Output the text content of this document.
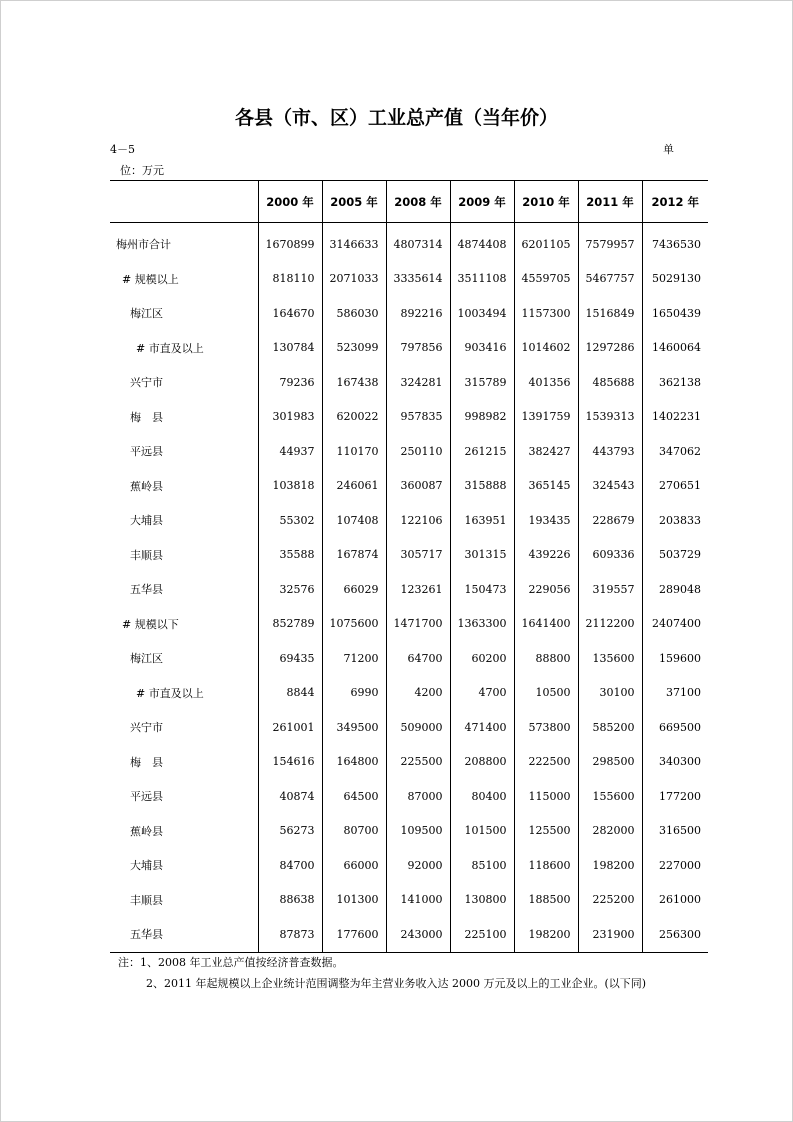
各县（市、区）工业总产值（当年价）
4－5	单
位：万元
	2000 年	2005 年	2008 年	2009 年	2010 年	2011 年	2012 年
梅州市合计	1670899	3146633	4807314	4874408	6201105	7579957	7436530
# 规模以上	818110	2071033	3335614	3511108	4559705	5467757	5029130
梅江区	164670	586030	892216	1003494	1157300	1516849	1650439
# 市直及以上	130784	523099	797856	903416	1014602	1297286	1460064
兴宁市	79236	167438	324281	315789	401356	485688	362138
梅　县	301983	620022	957835	998982	1391759	1539313	1402231
平远县	44937	110170	250110	261215	382427	443793	347062
蕉岭县	103818	246061	360087	315888	365145	324543	270651
大埔县	55302	107408	122106	163951	193435	228679	203833
丰顺县	35588	167874	305717	301315	439226	609336	503729
五华县	32576	66029	123261	150473	229056	319557	289048
# 规模以下	852789	1075600	1471700	1363300	1641400	2112200	2407400
梅江区	69435	71200	64700	60200	88800	135600	159600
# 市直及以上	8844	6990	4200	4700	10500	30100	37100
兴宁市	261001	349500	509000	471400	573800	585200	669500
梅　县	154616	164800	225500	208800	222500	298500	340300
平远县	40874	64500	87000	80400	115000	155600	177200
蕉岭县	56273	80700	109500	101500	125500	282000	316500
大埔县	84700	66000	92000	85100	118600	198200	227000
丰顺县	88638	101300	141000	130800	188500	225200	261000
五华县	87873	177600	243000	225100	198200	231900	256300
注：1、2008 年工业总产值按经济普查数据。
2、2011 年起规模以上企业统计范围调整为年主营业务收入达 2000 万元及以上的工业企业。(以下同)
